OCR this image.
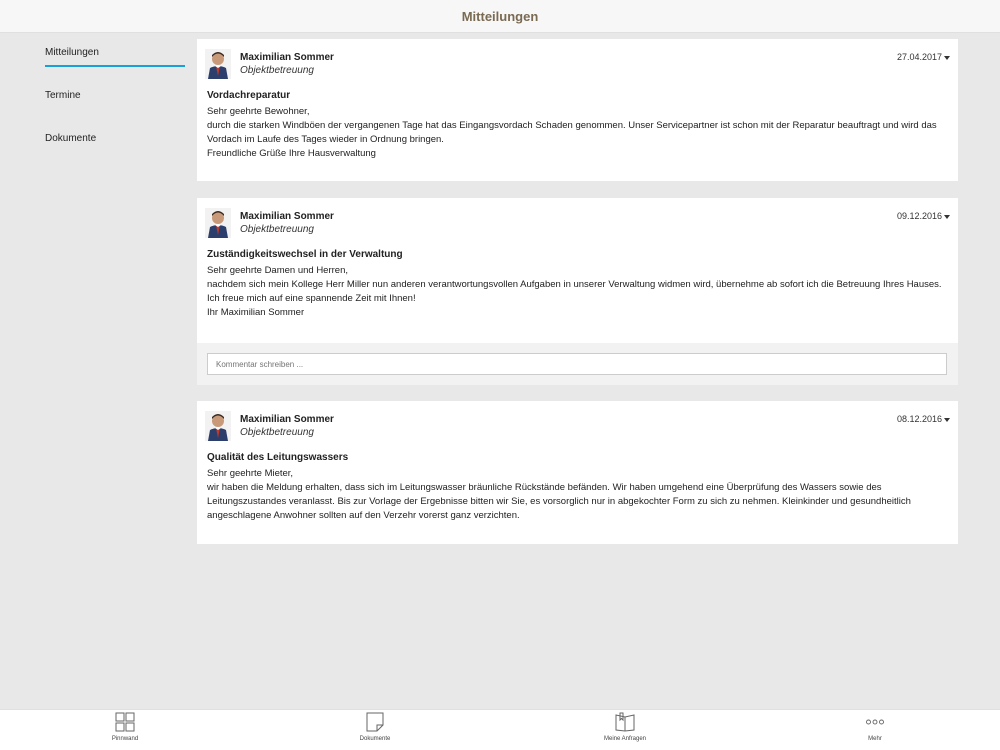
Mitteilungen
Mitteilungen
Termine
Dokumente
Maximilian Sommer
Objektbetreuung
27.04.2017
Vordachreparatur
Sehr geehrte Bewohner,
durch die starken Windböen der vergangenen Tage hat das Eingangsvordach Schaden genommen. Unser Servicepartner ist schon mit der Reparatur beauftragt und wird das Vordach im Laufe des Tages wieder in Ordnung bringen.
Freundliche Grüße Ihre Hausverwaltung
Maximilian Sommer
Objektbetreuung
09.12.2016
Zuständigkeitswechsel in der Verwaltung
Sehr geehrte Damen und Herren,
nachdem sich mein Kollege Herr Miller nun anderen verantwortungsvollen Aufgaben in unserer Verwaltung widmen wird, übernehme ab sofort ich die Betreuung Ihres Hauses.
Ich freue mich auf eine spannende Zeit mit Ihnen!
Ihr Maximilian Sommer
Kommentar schreiben ...
Maximilian Sommer
Objektbetreuung
08.12.2016
Qualität des Leitungswassers
Sehr geehrte Mieter,
wir haben die Meldung erhalten, dass sich im Leitungswasser bräunliche Rückstände befänden. Wir haben umgehend eine Überprüfung des Wassers sowie des Leitungszustandes veranlasst. Bis zur Vorlage der Ergebnisse bitten wir Sie, es vorsorglich nur in abgekochter Form zu sich zu nehmen. Kleinkinder und gesundheitlich angeschlagene Anwohner sollten auf den Verzehr vorerst ganz verzichten.
Pinnwand	Dokumente	Meine Anfragen	Mehr
